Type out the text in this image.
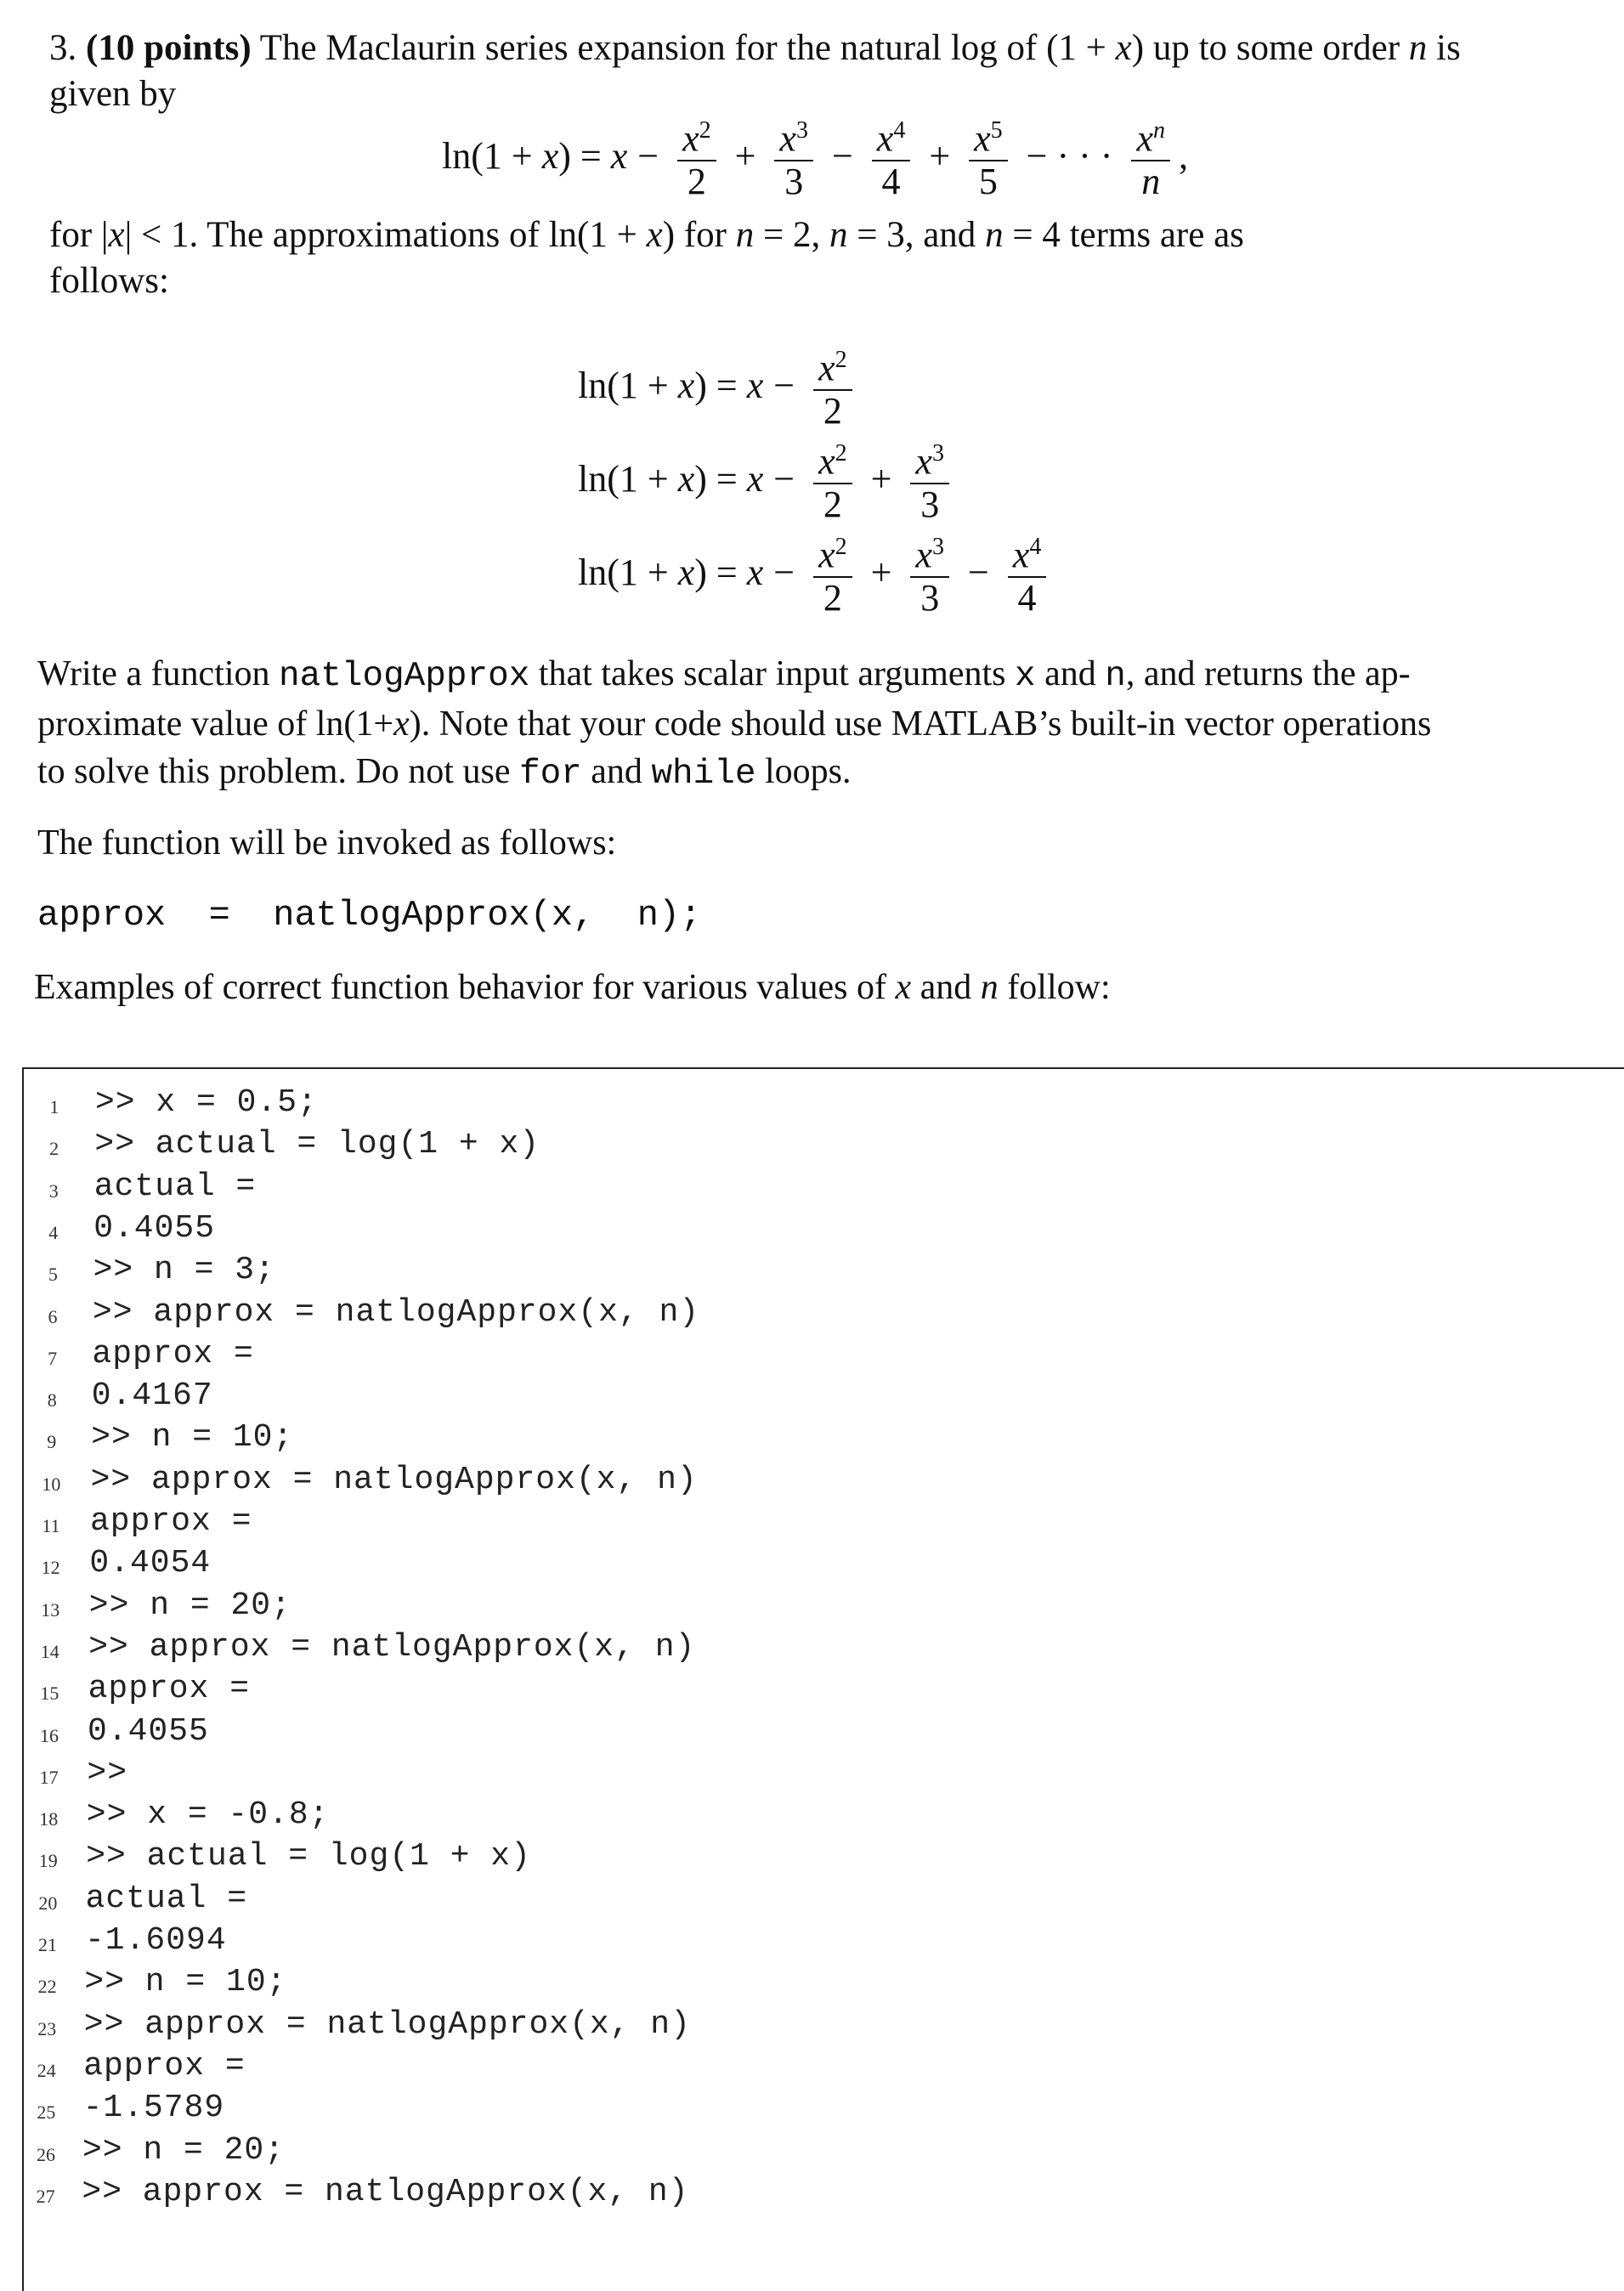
3. (10 points) The Maclaurin series expansion for the natural log of (1 + x) up to some order n is
given by
$\ln(1 + x) = x - \frac{x^2}{2} + \frac{x^3}{3} - \frac{x^4}{4} + \frac{x^5}{5}$ − · · · $\frac{x^n}{n}$ ,
for |x| < 1. The approximations of ln(1 + x) for n = 2, n = 3, and n = 4 terms are as
follows:
$\ln(1 + x) = x - \frac{x^2}{2}$
$\ln(1 + x) = x - \frac{x^2}{2} + \frac{x^3}{3}$
$\ln(1 + x) = x - \frac{x^2}{2} + \frac{x^3}{3} - \frac{x^4}{4}$
Write a function natlogApprox that takes scalar input arguments x and n, and returns the ap-
proximate value of ln(1+x). Note that your code should use MATLAB’s built-in vector operations
to solve this problem. Do not use for and while loops.
The function will be invoked as follows:
approx  =  natlogApprox(x,  n);
Examples of correct function behavior for various values of x and n follow:
1	>> x = 0.5;
2	>> actual = log(1 + x)
3	actual =
4	0.4055
5	>> n = 3;
6	>> approx = natlogApprox(x, n)
7	approx =
8	0.4167
9	>> n = 10;
10 >> approx = natlogApprox(x, n)
11 approx =
12 0.4054
13 >> n = 20;
14 >> approx = natlogApprox(x, n)
15 approx =
16 0.4055
17 >>
18 >> x = -0.8;
19 >> actual = log(1 + x)
20 actual =
21 -1.6094
22 >> n = 10;
23 >> approx = natlogApprox(x, n)
24 approx =
25 -1.5789
26 >> n = 20;
27 >> approx = natlogApprox(x, n)
